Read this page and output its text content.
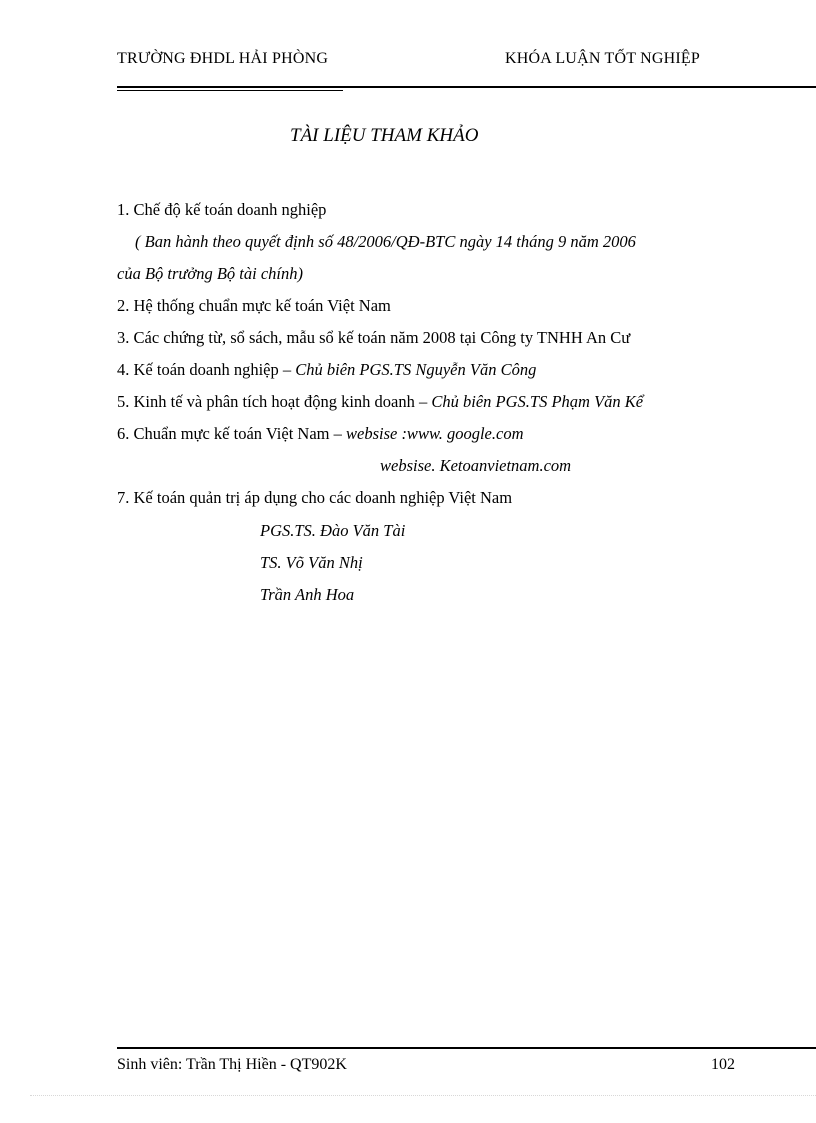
TRƯỜNG ĐHDL HẢI PHÒNG	KHÓA LUẬN TỐT NGHIỆP
TÀI LIỆU THAM KHẢO
1. Chế độ kế toán doanh nghiệp
( Ban hành theo quyết định số 48/2006/QĐ-BTC ngày 14 tháng 9 năm 2006
của Bộ trưởng Bộ tài chính)
2. Hệ thống chuẩn mực kế toán Việt Nam
3. Các chứng từ, sổ sách, mẫu sổ kế toán năm 2008 tại Công ty TNHH An Cư
4. Kế toán doanh nghiệp – Chủ biên PGS.TS Nguyễn Văn Công
5. Kinh tế và phân tích hoạt động kinh doanh – Chủ biên PGS.TS Phạm Văn Kể
6. Chuẩn mực kế toán Việt Nam – websise :www. google.com
websise. Ketoanvietnam.com
7. Kế toán quản trị áp dụng cho các doanh nghiệp Việt Nam
PGS.TS. Đào Văn Tài
TS. Võ Văn Nhị
Trần Anh Hoa
Sinh viên: Trần Thị Hiền - QT902K	102
